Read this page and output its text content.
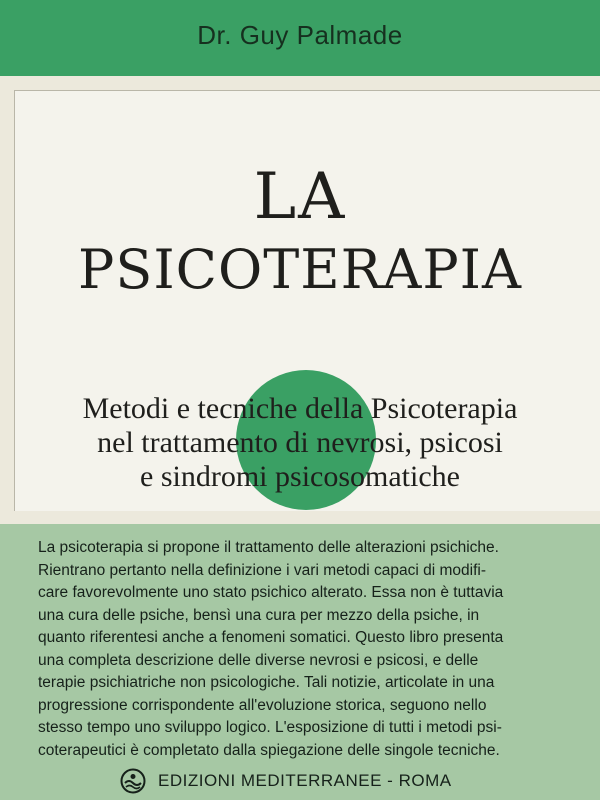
Dr. Guy Palmade
LA
PSICOTERAPIA
Metodi e tecniche della Psicoterapia
nel trattamento di nevrosi, psicosi
e sindromi psicosomatiche
La psicoterapia si propone il trattamento delle alterazioni psichiche.
Rientrano pertanto nella definizione i vari metodi capaci di modifi-
care favorevolmente uno stato psichico alterato. Essa non è tuttavia
una cura delle psiche, bensì una cura per mezzo della psiche, in
quanto riferentesi anche a fenomeni somatici. Questo libro presenta
una completa descrizione delle diverse nevrosi e psicosi, e delle
terapie psichiatriche non psicologiche. Tali notizie, articolate in una
progressione corrispondente all'evoluzione storica, seguono nello
stesso tempo uno sviluppo logico. L'esposizione di tutti i metodi psi-
coterapeutici è completato dalla spiegazione delle singole tecniche.
EDIZIONI MEDITERRANEE - ROMA
